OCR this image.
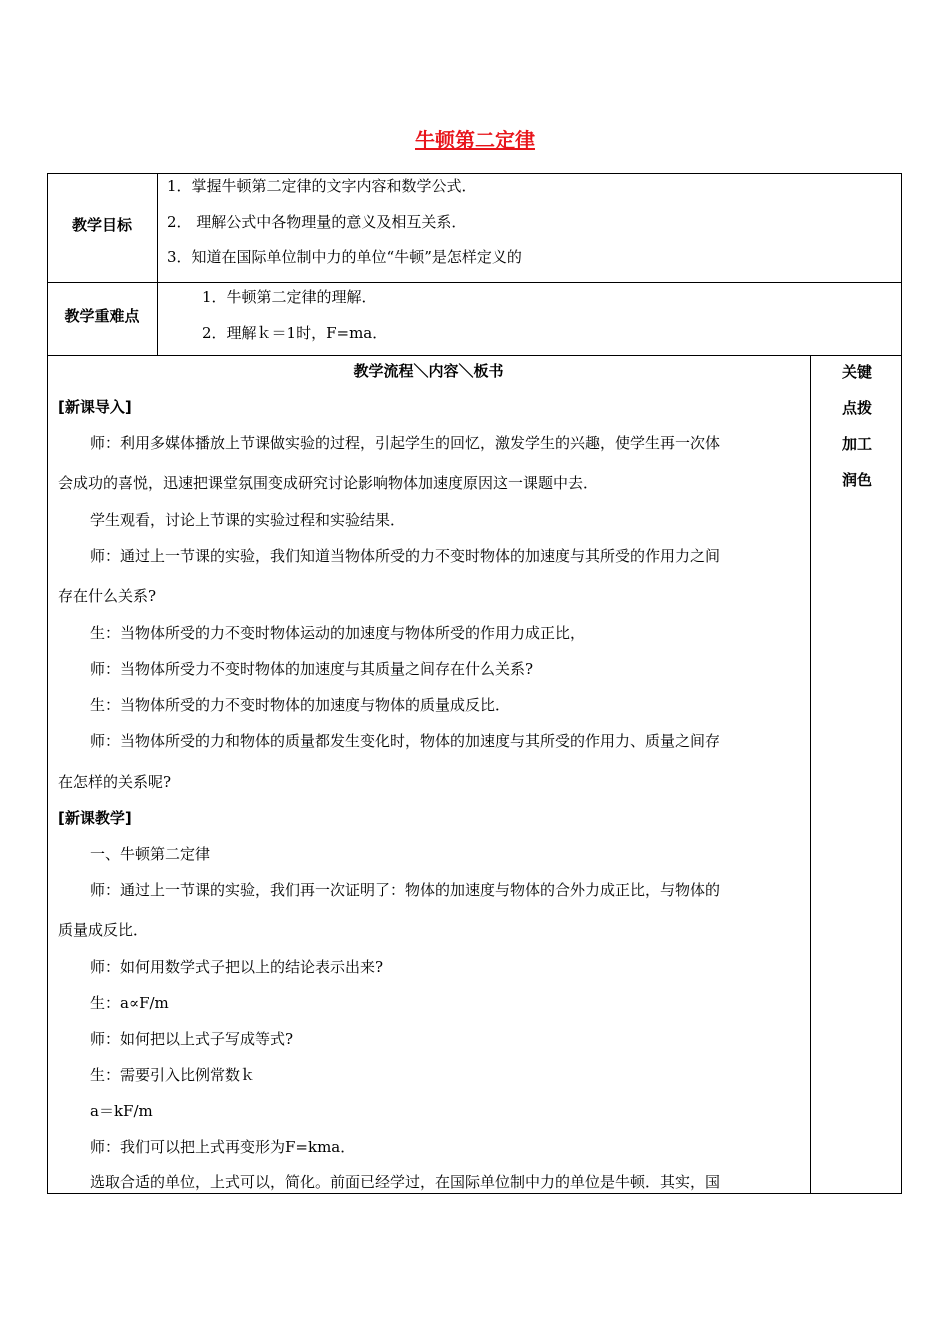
牛顿第二定律
教学目标
1．掌握牛顿第二定律的文字内容和数学公式．
2． 理解公式中各物理量的意义及相互关系．
3．知道在国际单位制中力的单位“牛顿”是怎样定义的
教学重难点
1．牛顿第二定律的理解．
2．理解ｋ＝1时，F=ma．
教学流程＼内容＼板书	关键
点拨
加工
润色
[新课导入]
师：利用多媒体播放上节课做实验的过程，引起学生的回忆，激发学生的兴趣，使学生再一次体
会成功的喜悦，迅速把课堂氛围变成研究讨论影响物体加速度原因这一课题中去．
学生观看，讨论上节课的实验过程和实验结果．
师：通过上一节课的实验，我们知道当物体所受的力不变时物体的加速度与其所受的作用力之间
存在什么关系?
生：当物体所受的力不变时物体运动的加速度与物体所受的作用力成正比，
师：当物体所受力不变时物体的加速度与其质量之间存在什么关系?
生：当物体所受的力不变时物体的加速度与物体的质量成反比．
师：当物体所受的力和物体的质量都发生变化时，物体的加速度与其所受的作用力、质量之间存
在怎样的关系呢?
[新课教学]
一、牛顿第二定律
师：通过上一节课的实验，我们再一次证明了：物体的加速度与物体的合外力成正比，与物体的
质量成反比．
师：如何用数学式子把以上的结论表示出来?
生：a∝F/m
师：如何把以上式子写成等式?
生：需要引入比例常数ｋ
a＝kF/m
师：我们可以把上式再变形为F=kma．
选取合适的单位，上式可以，简化。前面已经学过，在国际单位制中力的单位是牛顿．其实，国
